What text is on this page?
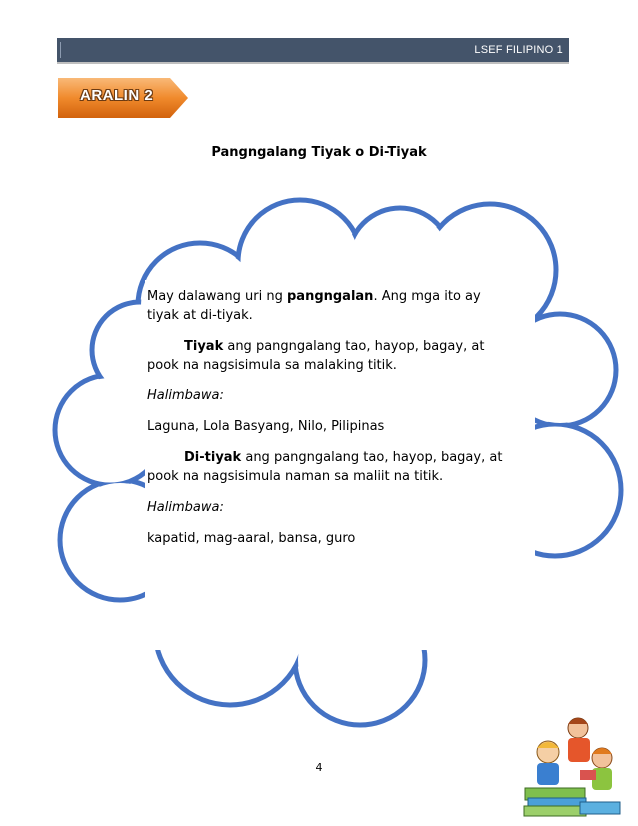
LSEF FILIPINO 1
ARALIN 2
Pangngalang Tiyak o Di-Tiyak

May dalawang uri ng pangngalan. Ang mga ito ay tiyak at di-tiyak.

Tiyak ang pangngalang tao, hayop, bagay, at pook na nagsisimula sa malaking titik.

Halimbawa:

Laguna, Lola Basyang, Nilo, Pilipinas

Di-tiyak ang pangngalang tao, hayop, bagay, at pook na nagsisimula naman sa maliit na titik.

Halimbawa:

kapatid, mag-aaral, bansa, guro

4
